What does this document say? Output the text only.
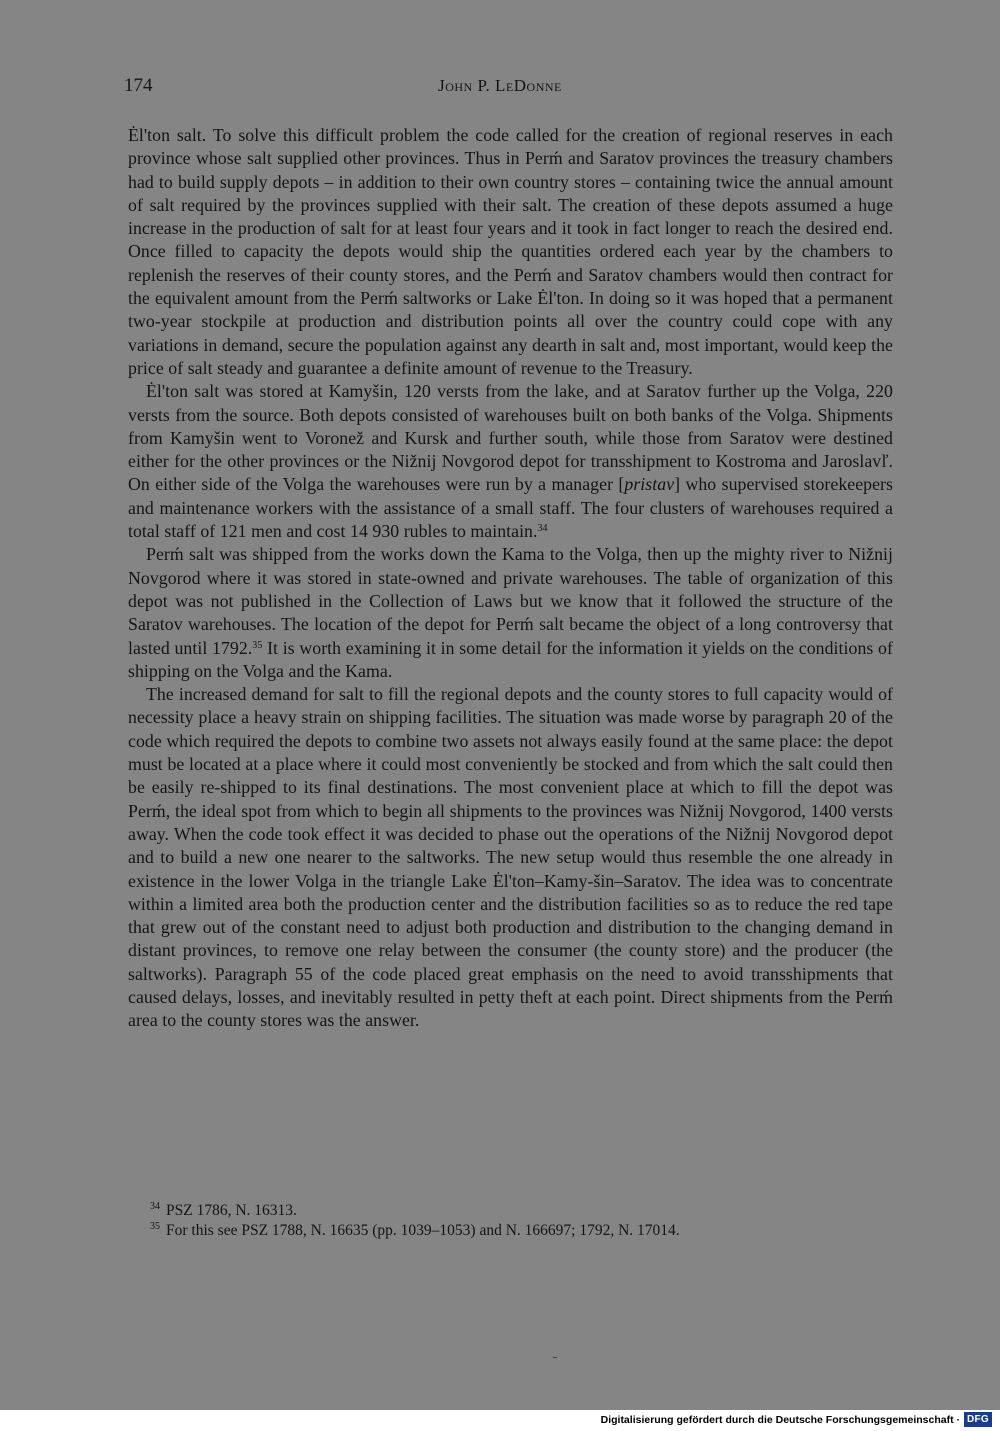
174	John P. LeDonne

Ėl'ton salt. To solve this difficult problem the code called for the creation of regional reserves in each province whose salt supplied other provinces. Thus in Perḿ and Saratov provinces the treasury chambers had to build supply depots – in addition to their own country stores – containing twice the annual amount of salt required by the provinces supplied with their salt. The creation of these depots assumed a huge increase in the production of salt for at least four years and it took in fact longer to reach the desired end. Once filled to capacity the depots would ship the quantities ordered each year by the chambers to replenish the reserves of their county stores, and the Perḿ and Saratov chambers would then contract for the equivalent amount from the Perḿ saltworks or Lake Ėl'ton. In doing so it was hoped that a permanent two-year stockpile at production and distribution points all over the country could cope with any variations in demand, secure the population against any dearth in salt and, most important, would keep the price of salt steady and guarantee a definite amount of revenue to the Treasury.

Ėl'ton salt was stored at Kamyšin, 120 versts from the lake, and at Saratov further up the Volga, 220 versts from the source. Both depots consisted of warehouses built on both banks of the Volga. Shipments from Kamyšin went to Voronež and Kursk and further south, while those from Saratov were destined either for the other provinces or the Nižnij Novgorod depot for transshipment to Kostroma and Jaroslavľ. On either side of the Volga the warehouses were run by a manager [pristav] who supervised storekeepers and maintenance workers with the assistance of a small staff. The four clusters of warehouses required a total staff of 121 men and cost 14 930 rubles to maintain.$^{34}$

Perḿ salt was shipped from the works down the Kama to the Volga, then up the mighty river to Nižnij Novgorod where it was stored in state-owned and private warehouses. The table of organization of this depot was not published in the Collection of Laws but we know that it followed the structure of the Saratov warehouses. The location of the depot for Perḿ salt became the object of a long controversy that lasted until 1792.35 It is worth examining it in some detail for the information it yields on the conditions of shipping on the Volga and the Kama.

The increased demand for salt to fill the regional depots and the county stores to full capacity would of necessity place a heavy strain on shipping facilities. The situation was made worse by paragraph 20 of the code which required the depots to combine two assets not always easily found at the same place: the depot must be located at a place where it could most conveniently be stocked and from which the salt could then be easily re-shipped to its final destinations. The most convenient place at which to fill the depot was Perḿ, the ideal spot from which to begin all shipments to the provinces was Nižnij Novgorod, 1400 versts away. When the code took effect it was decided to phase out the operations of the Nižnij Novgorod depot and to build a new one nearer to the saltworks. The new setup would thus resemble the one already in existence in the lower Volga in the triangle Lake Ėl'ton–Kamy-šin–Saratov. The idea was to concentrate within a limited area both the production center and the distribution facilities so as to reduce the red tape that grew out of the constant need to adjust both production and distribution to the changing demand in distant provinces, to remove one relay between the consumer (the county store) and the producer (the saltworks). Paragraph 55 of the code placed great emphasis on the need to avoid transshipments that caused delays, losses, and inevitably resulted in petty theft at each point. Direct shipments from the Perḿ area to the county stores was the answer.

$^{34}$ PSZ 1786, N. 16313.
$^{35}$ For this see PSZ 1788, N. 16635 (pp. 1039–1053) and N. 166697; 1792, N. 17014.
Digitalisierung gefördert durch die Deutsche Forschungsgemeinschaft · DFG
